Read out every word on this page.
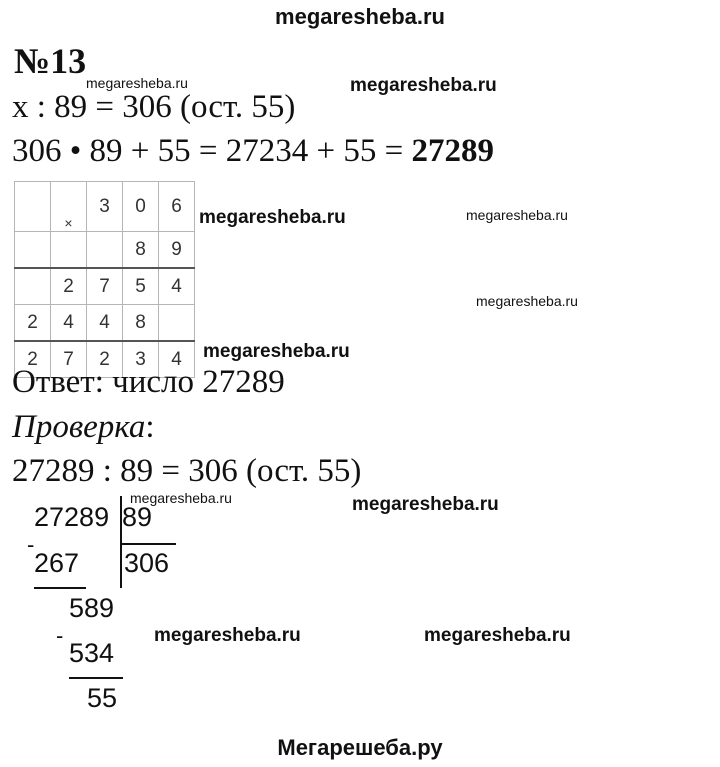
megaresheba.ru
№13
megaresheba.ru	megaresheba.ru
x : 89 = 306 (ост. 55)
306 • 89 + 55 = 27234 + 55 = 27289
	×	3	0	6
			8	9
	2	7	5	4
2	4	4	8	
2	7	2	3	4
megaresheba.ru	megaresheba.ru
megaresheba.ru
megaresheba.ru
Ответ: число 27289
Проверка:
27289 : 89 = 306 (ост. 55)
27289 89
306
megaresheba.ru
-
267
589
-
534
55
megaresheba.ru
megaresheba.ru	megaresheba.ru
Мегарешеба.ру
